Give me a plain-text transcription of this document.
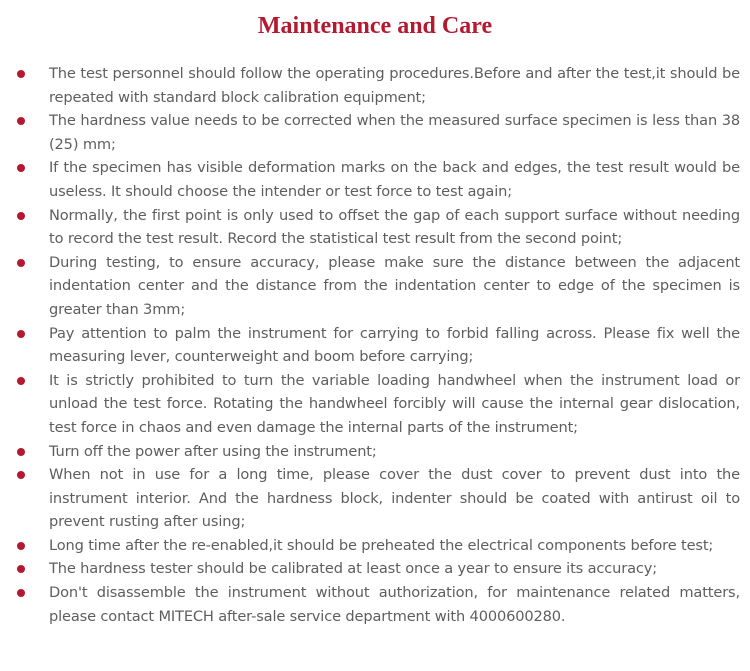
Maintenance and Care
The test personnel should follow the operating procedures.Before and after the test,it should be repeated with standard block calibration equipment;
The hardness value needs to be corrected when the measured surface specimen is less than 38 (25) mm;
If the specimen has visible deformation marks on the back and edges, the test result would be useless. It should choose the intender or test force to test again;
Normally, the first point is only used to offset the gap of each support surface without needing to record the test result. Record the statistical test result from the second point;
During testing, to ensure accuracy, please make sure the distance between the adjacent indentation center and the distance from the indentation center to edge of the specimen is greater than 3mm;
Pay attention to palm the instrument for carrying to forbid falling across. Please fix well the measuring lever, counterweight and boom before carrying;
It is strictly prohibited to turn the variable loading handwheel when the instrument load or unload the test force. Rotating the handwheel forcibly will cause the internal gear dislocation, test force in chaos and even damage the internal parts of the instrument;
Turn off the power after using the instrument;
When not in use for a long time, please cover the dust cover to prevent dust into the instrument interior. And the hardness block, indenter should be coated with antirust oil to prevent rusting after using;
Long time after the re-enabled,it should be preheated the electrical components before test;
The hardness tester should be calibrated at least once a year to ensure its accuracy;
Don't disassemble the instrument without authorization, for maintenance related matters, please contact MITECH after-sale service department with 4000600280.
